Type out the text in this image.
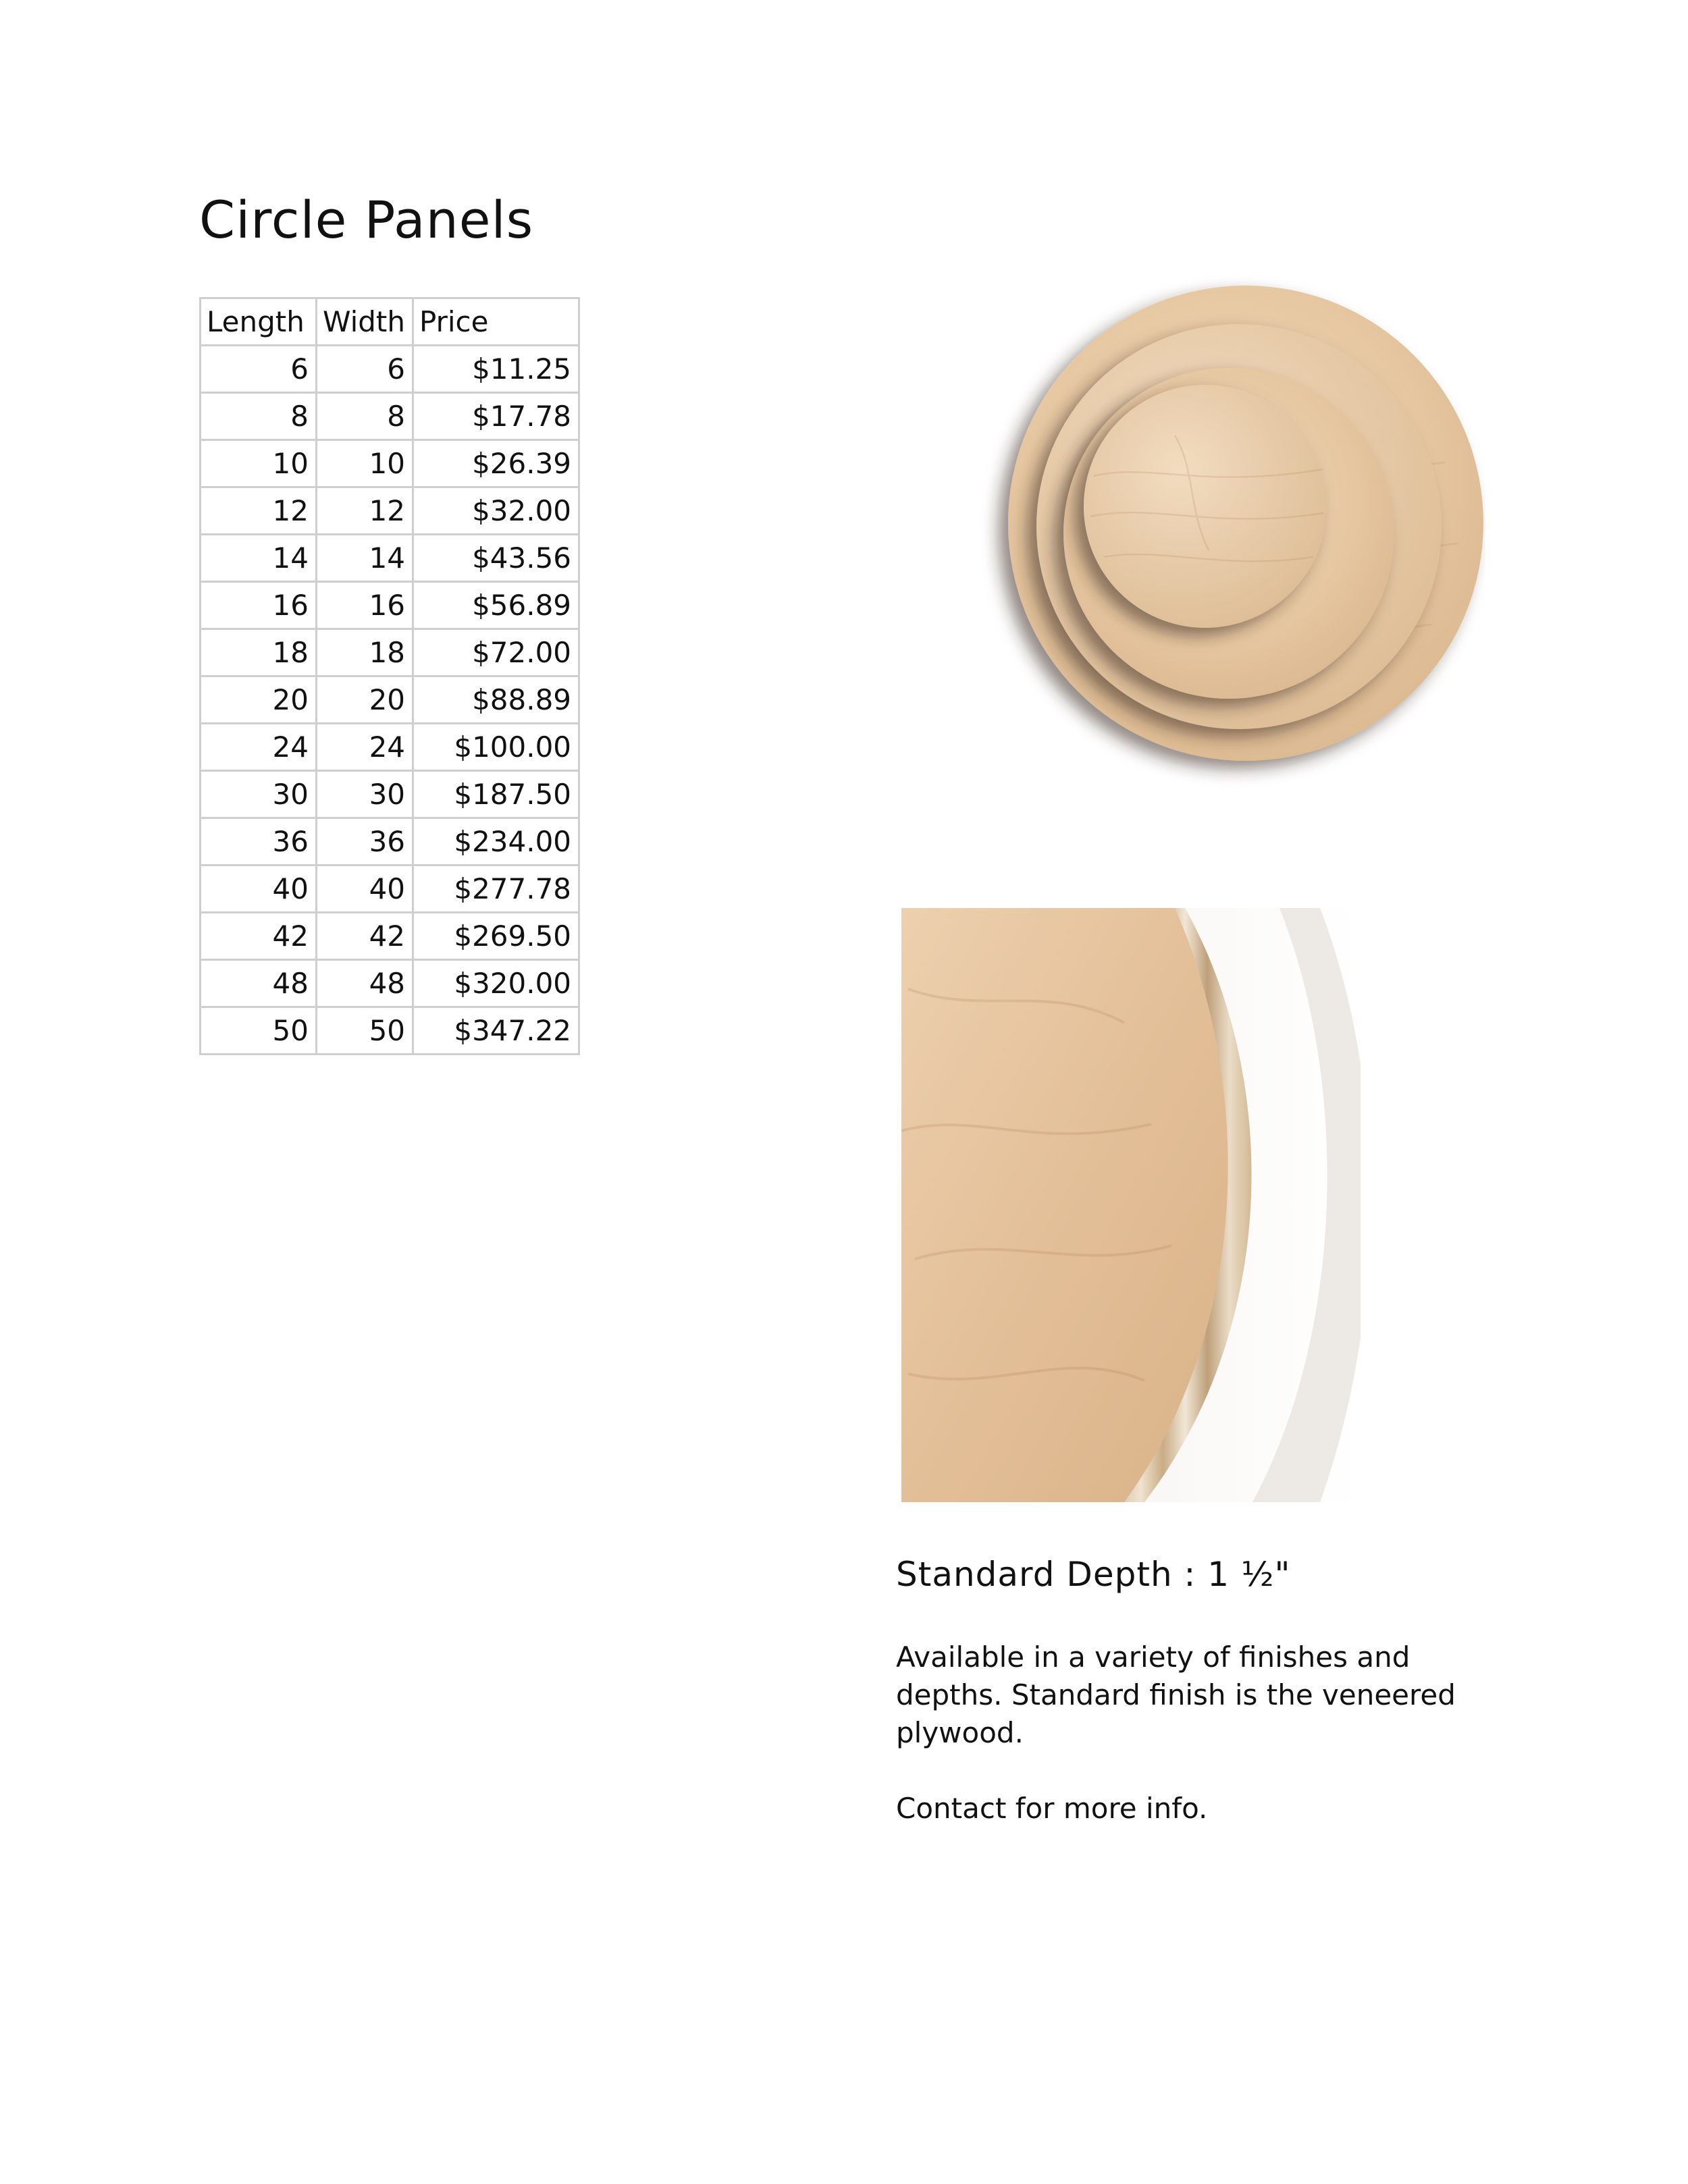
Circle Panels
Length	Width	Price
6	6	$11.25
8	8	$17.78
10	10	$26.39
12	12	$32.00
14	14	$43.56
16	16	$56.89
18	18	$72.00
20	20	$88.89
24	24	$100.00
30	30	$187.50
36	36	$234.00
40	40	$277.78
42	42	$269.50
48	48	$320.00
50	50	$347.22
Standard Depth : 1 ½"

Available in a variety of finishes and depths. Standard finish is the veneered plywood.

Contact for more info.
